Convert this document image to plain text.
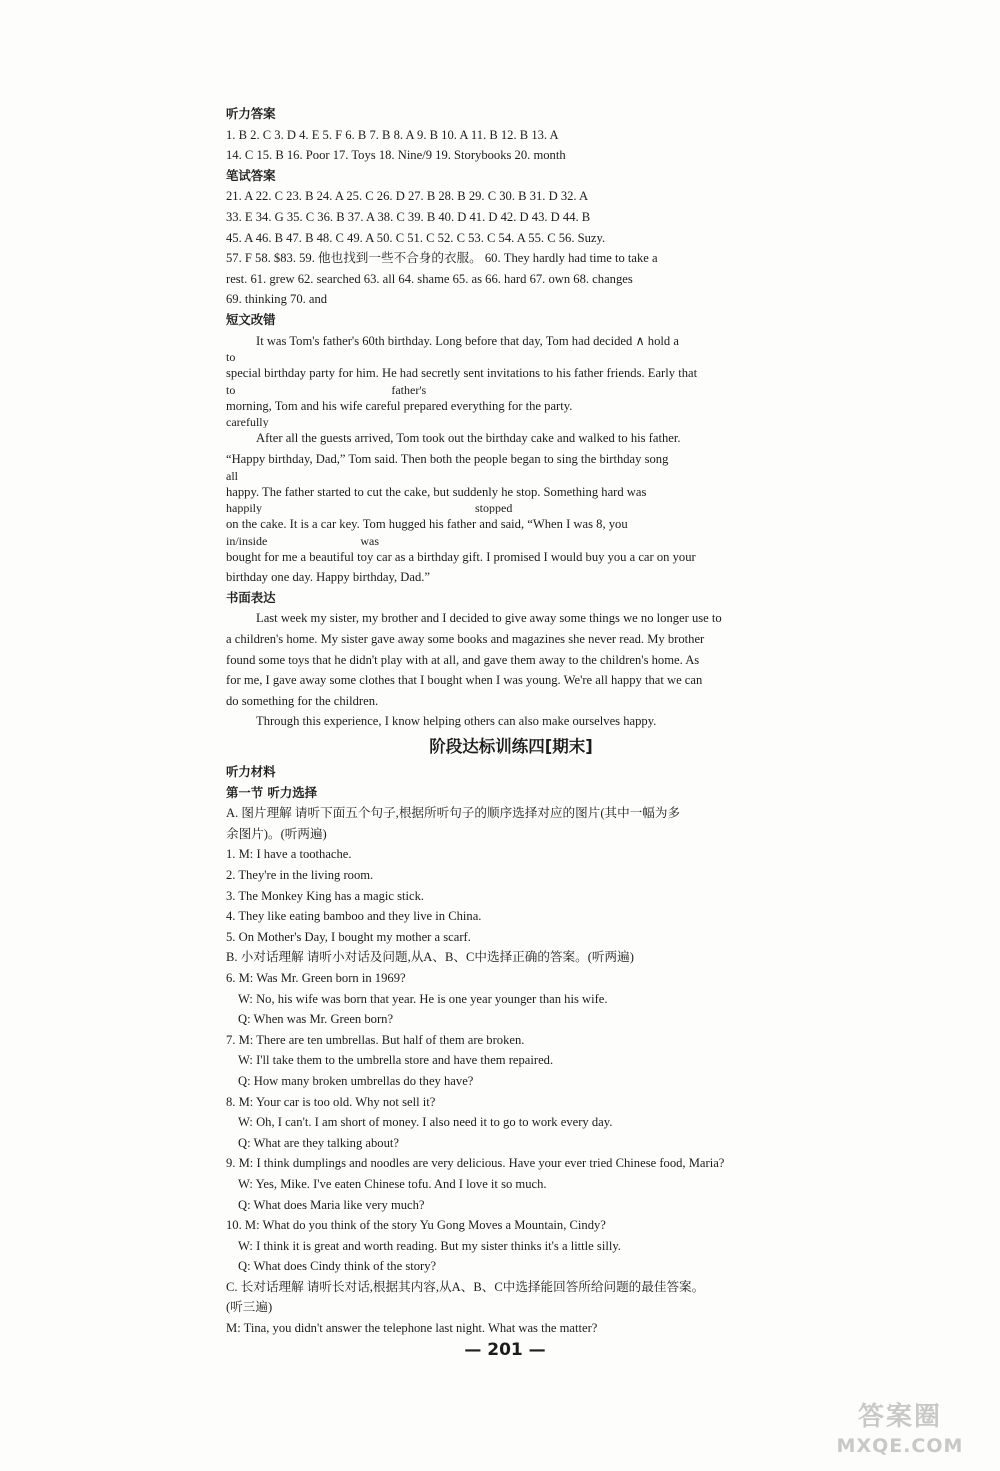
听力答案
1. B 2. C 3. D 4. E 5. F 6. B 7. B 8. A 9. B 10. A 11. B 12. B 13. A
14. C 15. B 16. Poor 17. Toys 18. Nine/9 19. Storybooks 20. month
笔试答案
21. A 22. C 23. B 24. A 25. C 26. D 27. B 28. B 29. C 30. B 31. D 32. A
33. E 34. G 35. C 36. B 37. A 38. C 39. B 40. D 41. D 42. D 43. D 44. B
45. A 46. B 47. B 48. C 49. A 50. C 51. C 52. C 53. C 54. A 55. C 56. Suzy.
57. F 58. $83. 59. 他也找到一些不合身的衣服。 60. They hardly had time to take a
rest. 61. grew 62. searched 63. all 64. shame 65. as 66. hard 67. own 68. changes
69. thinking 70. and
短文改错
It was Tom's father's 60th birthday. Long before that day, Tom had decided ∧ hold a
to
special birthday party for him. He had secretly sent invitations to his father friends. Early that
to                                                    father's
morning, Tom and his wife careful prepared everything for the party.
carefully
After all the guests arrived, Tom took out the birthday cake and walked to his father.
“Happy birthday, Dad,” Tom said. Then both the people began to sing the birthday song
all
happy. The father started to cut the cake, but suddenly he stop. Something hard was
happily                                                                       stopped
on the cake. It is a car key. Tom hugged his father and said, “When I was 8, you
in/inside                               was
bought for me a beautiful toy car as a birthday gift. I promised I would buy you a car on your
birthday one day. Happy birthday, Dad.”
书面表达
Last week my sister, my brother and I decided to give away some things we no longer use to
a children's home. My sister gave away some books and magazines she never read. My brother
found some toys that he didn't play with at all, and gave them away to the children's home. As
for me, I gave away some clothes that I bought when I was young. We're all happy that we can
do something for the children.
Through this experience, I know helping others can also make ourselves happy.
阶段达标训练四[期末]
听力材料
第一节 听力选择
A. 图片理解 请听下面五个句子,根据所听句子的顺序选择对应的图片(其中一幅为多
余图片)。(听两遍)
1. M: I have a toothache.
2. They're in the living room.
3. The Monkey King has a magic stick.
4. They like eating bamboo and they live in China.
5. On Mother's Day, I bought my mother a scarf.
B. 小对话理解 请听小对话及问题,从A、B、C中选择正确的答案。(听两遍)
6. M: Was Mr. Green born in 1969?
W: No, his wife was born that year. He is one year younger than his wife.
Q: When was Mr. Green born?
7. M: There are ten umbrellas. But half of them are broken.
W: I'll take them to the umbrella store and have them repaired.
Q: How many broken umbrellas do they have?
8. M: Your car is too old. Why not sell it?
W: Oh, I can't. I am short of money. I also need it to go to work every day.
Q: What are they talking about?
9. M: I think dumplings and noodles are very delicious. Have your ever tried Chinese food, Maria?
W: Yes, Mike. I've eaten Chinese tofu. And I love it so much.
Q: What does Maria like very much?
10. M: What do you think of the story Yu Gong Moves a Mountain, Cindy?
W: I think it is great and worth reading. But my sister thinks it's a little silly.
Q: What does Cindy think of the story?
C. 长对话理解 请听长对话,根据其内容,从A、B、C中选择能回答所给问题的最佳答案。
(听三遍)
M: Tina, you didn't answer the telephone last night. What was the matter?
— 201 —
答案圈
MXQE.COM
